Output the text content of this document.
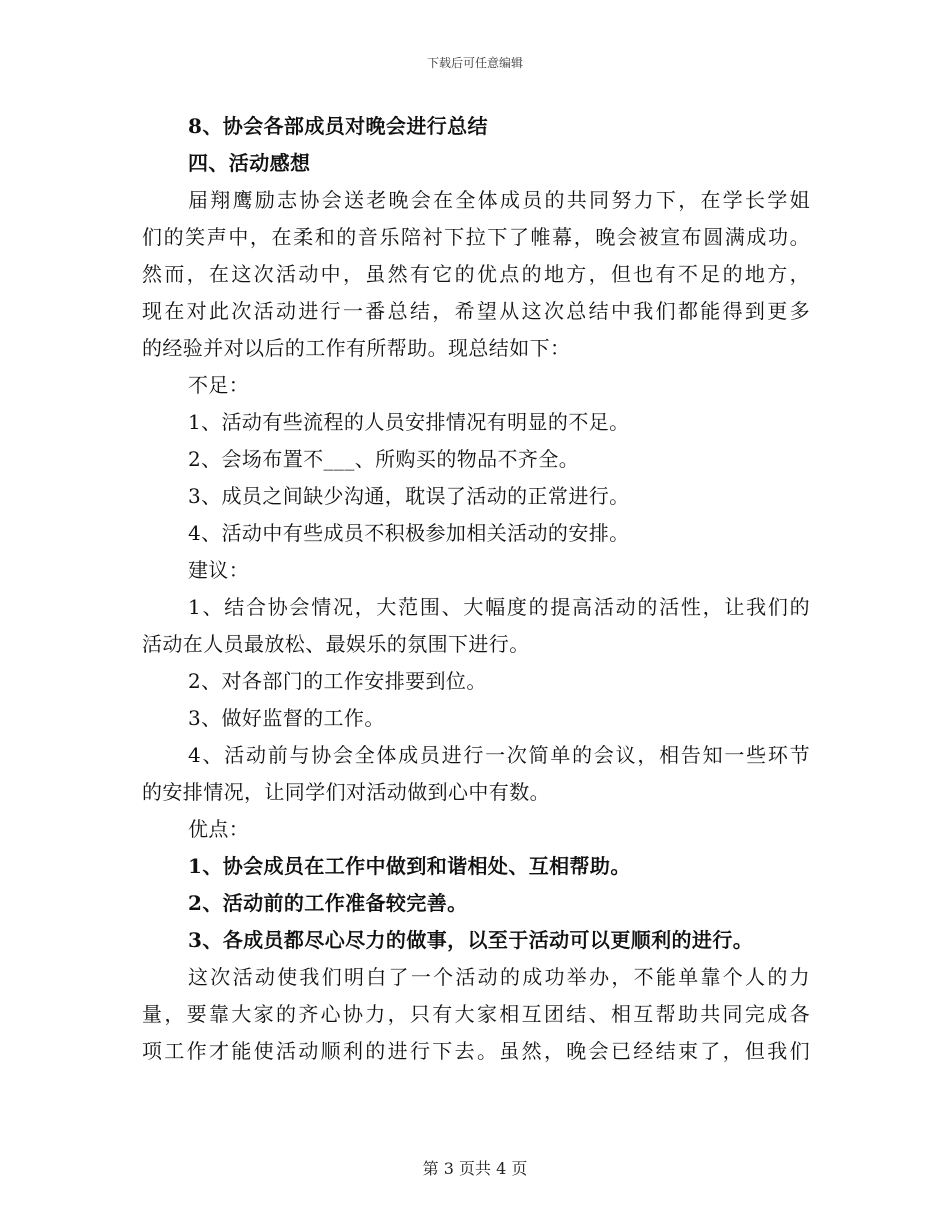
下载后可任意编辑
8、协会各部成员对晚会进行总结
四、活动感想
届翔鹰励志协会送老晚会在全体成员的共同努力下，在学长学姐
们的笑声中，在柔和的音乐陪衬下拉下了帷幕，晚会被宣布圆满成功。
然而，在这次活动中，虽然有它的优点的地方，但也有不足的地方，
现在对此次活动进行一番总结，希望从这次总结中我们都能得到更多
的经验并对以后的工作有所帮助。现总结如下：
不足：
1、活动有些流程的人员安排情况有明显的不足。
2、会场布置不___、所购买的物品不齐全。
3、成员之间缺少沟通，耽误了活动的正常进行。
4、活动中有些成员不积极参加相关活动的安排。
建议：
1、结合协会情况，大范围、大幅度的提高活动的活性，让我们的
活动在人员最放松、最娱乐的氛围下进行。
2、对各部门的工作安排要到位。
3、做好监督的工作。
4、活动前与协会全体成员进行一次简单的会议，相告知一些环节
的安排情况，让同学们对活动做到心中有数。
优点：
1、协会成员在工作中做到和谐相处、互相帮助。
2、活动前的工作准备较完善。
3、各成员都尽心尽力的做事，以至于活动可以更顺利的进行。
这次活动使我们明白了一个活动的成功举办，不能单靠个人的力
量，要靠大家的齐心协力，只有大家相互团结、相互帮助共同完成各
项工作才能使活动顺利的进行下去。虽然，晚会已经结束了，但我们
第 3 页共 4 页
